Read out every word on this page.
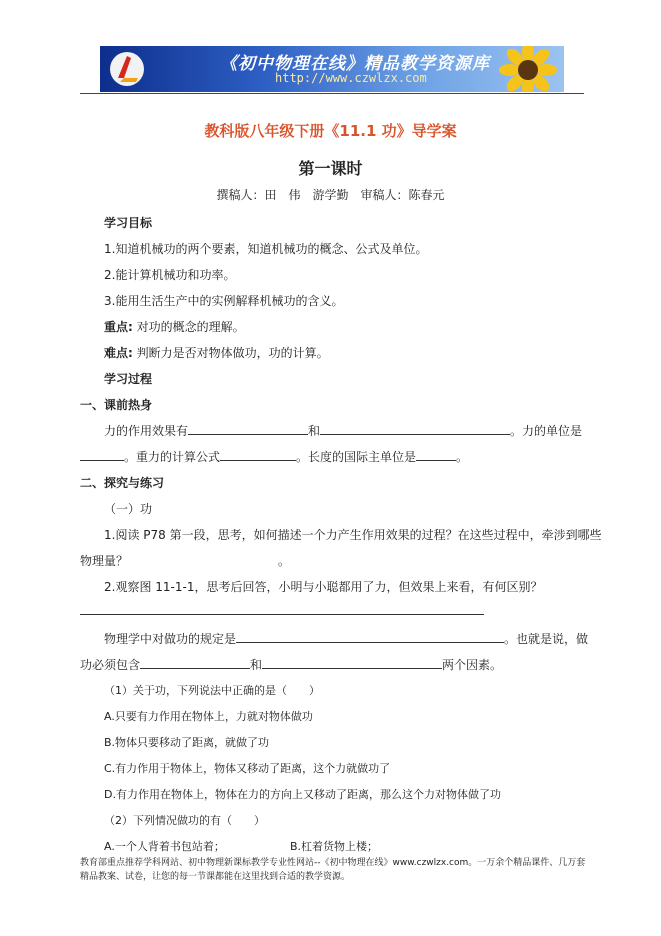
《初中物理在线》精品教学资源库
http://www.czwlzx.com
教科版八年级下册《11.1 功》导学案
第一课时
撰稿人：田　伟　游学勤　审稿人：陈春元
学习目标
1.知道机械功的两个要素，知道机械功的概念、公式及单位。
2.能计算机械功和功率。
3.能用生活生产中的实例解释机械功的含义。
重点: 对功的概念的理解。
难点: 判断力是否对物体做功，功的计算。
学习过程
一、课前热身
力的作用效果有	和	。力的单位是
。重力的计算公式	。长度的国际主单位是	。
二、探究与练习
（一）功
1.阅读 P78 第一段，思考，如何描述一个力产生作用效果的过程？在这些过程中，牵涉到哪些
物理量？	。
2.观察图 11-1-1，思考后回答，小明与小聪都用了力，但效果上来看，有何区别？
物理学中对做功的规定是	。也就是说，做
功必须包含	和	两个因素。
（1）关于功，下列说法中正确的是（　　）
A.只要有力作用在物体上，力就对物体做功
B.物体只要移动了距离，就做了功
C.有力作用于物体上，物体又移动了距离，这个力就做功了
D.有力作用在物体上，物体在力的方向上又移动了距离，那么这个力对物体做了功
（2）下列情况做功的有（　　）
A.一个人背着书包站着；	B.杠着货物上楼；
教育部重点推荐学科网站、初中物理新课标教学专业性网站--《初中物理在线》www.czwlzx.com。一万余个精品课件、几万套精品教案、试卷，让您的每一节课都能在这里找到合适的教学资源。
